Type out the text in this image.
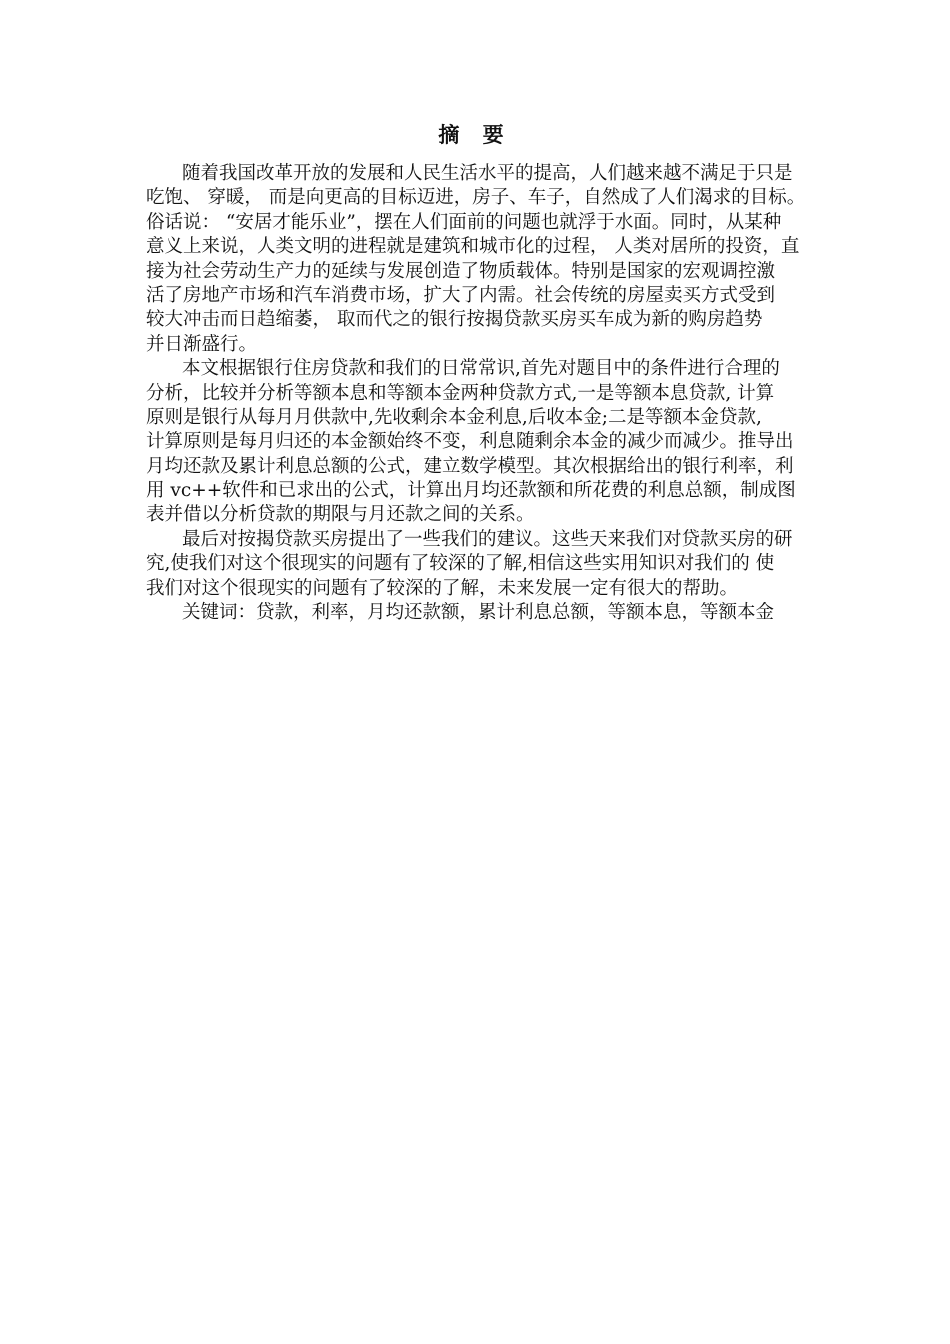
摘 要
随着我国改革开放的发展和人民生活水平的提高，人们越来越不满足于只是
吃饱、 穿暖， 而是向更高的目标迈进，房子、车子，自然成了人们渴求的目标。
俗话说： “安居才能乐业”，摆在人们面前的问题也就浮于水面。同时，从某种
意义上来说，人类文明的进程就是建筑和城市化的过程， 人类对居所的投资，直
接为社会劳动生产力的延续与发展创造了物质载体。特别是国家的宏观调控激
活了房地产市场和汽车消费市场，扩大了内需。社会传统的房屋卖买方式受到
较大冲击而日趋缩萎， 取而代之的银行按揭贷款买房买车成为新的购房趋势
并日渐盛行。
本文根据银行住房贷款和我们的日常常识,首先对题目中的条件进行合理的
分析，比较并分析等额本息和等额本金两种贷款方式,一是等额本息贷款, 计算
原则是银行从每月月供款中,先收剩余本金利息,后收本金;二是等额本金贷款,
计算原则是每月归还的本金额始终不变，利息随剩余本金的减少而减少。推导出
月均还款及累计利息总额的公式，建立数学模型。其次根据给出的银行利率，利
用 vc++软件和已求出的公式，计算出月均还款额和所花费的利息总额，制成图
表并借以分析贷款的期限与月还款之间的关系。
最后对按揭贷款买房提出了一些我们的建议。这些天来我们对贷款买房的研
究,使我们对这个很现实的问题有了较深的了解,相信这些实用知识对我们的 使
我们对这个很现实的问题有了较深的了解，未来发展一定有很大的帮助。
关键词：贷款，利率，月均还款额，累计利息总额，等额本息，等额本金
